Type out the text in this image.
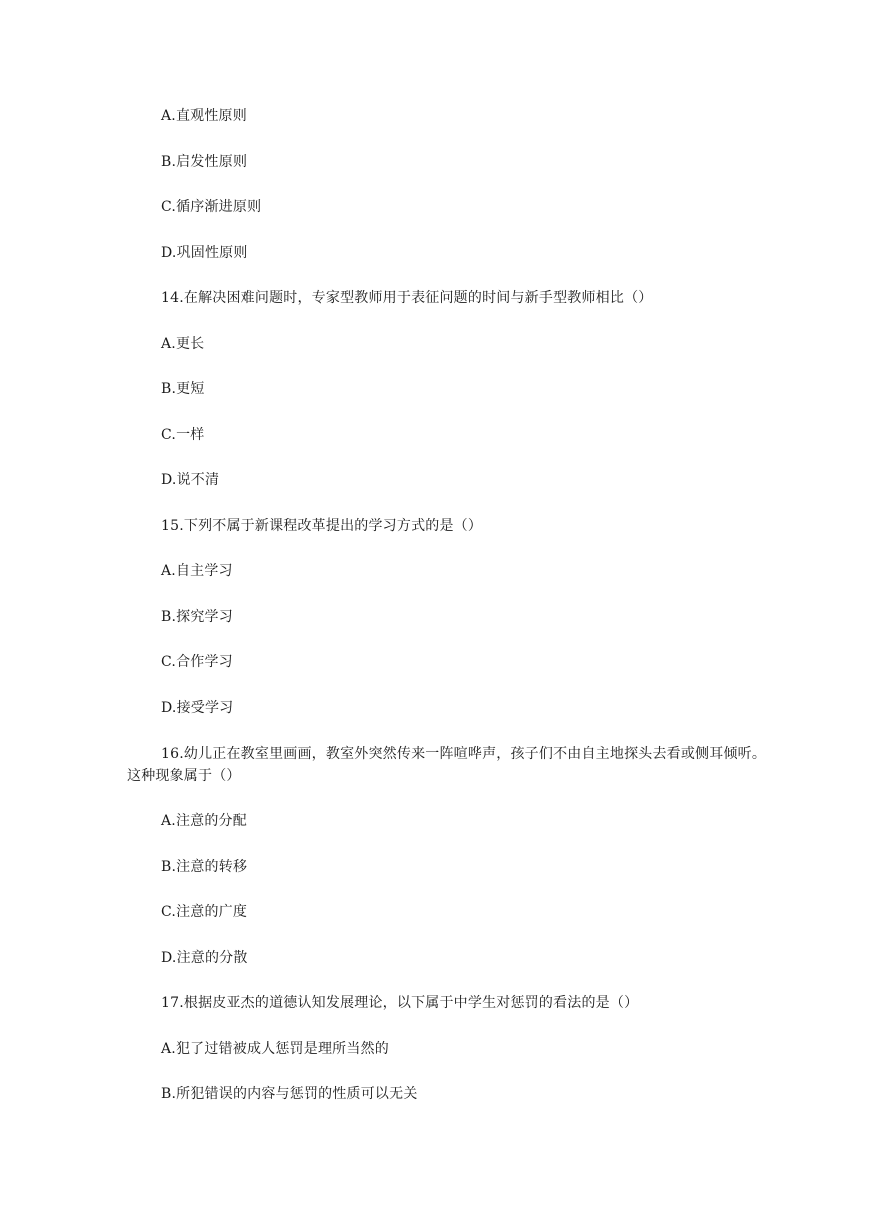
A.直观性原则
B.启发性原则
C.循序渐进原则
D.巩固性原则
14.在解决困难问题时，专家型教师用于表征问题的时间与新手型教师相比（）
A.更长
B.更短
C.一样
D.说不清
15.下列不属于新课程改革提出的学习方式的是（）
A.自主学习
B.探究学习
C.合作学习
D.接受学习
16.幼儿正在教室里画画，教室外突然传来一阵喧哗声，孩子们不由自主地探头去看或侧耳倾听。这种现象属于（）
A.注意的分配
B.注意的转移
C.注意的广度
D.注意的分散
17.根据皮亚杰的道德认知发展理论，以下属于中学生对惩罚的看法的是（）
A.犯了过错被成人惩罚是理所当然的
B.所犯错误的内容与惩罚的性质可以无关
